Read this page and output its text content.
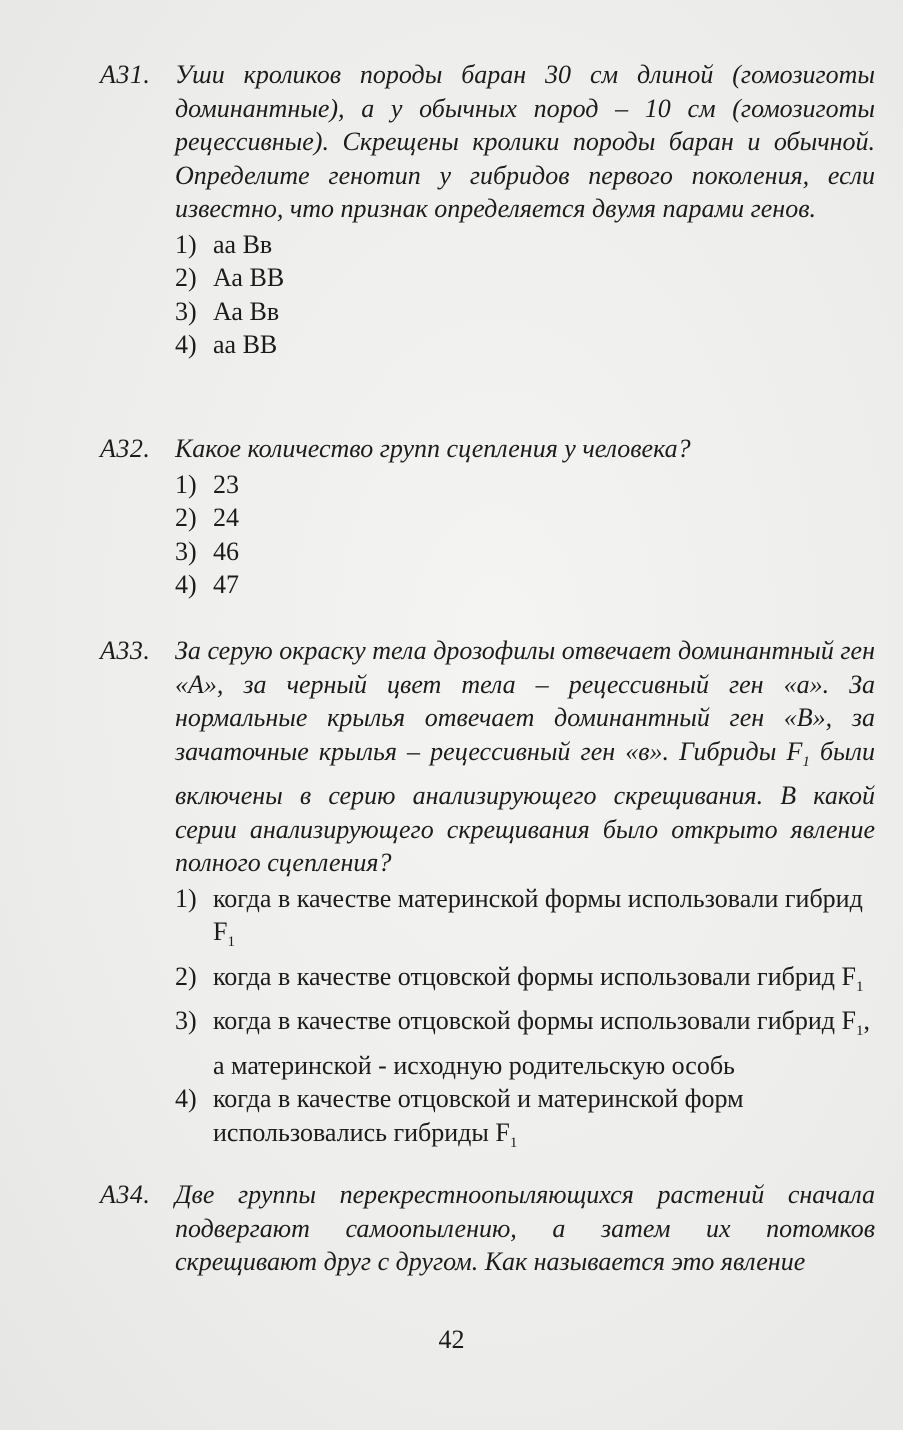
A31. Уши кроликов породы баран 30 см длиной (гомозиготы доминантные), а у обычных пород – 10 см (гомозиготы рецессивные). Скрещены кролики породы баран и обычной. Определите генотип у гибридов первого поколения, если известно, что признак определяется двумя парами генов.
1) аа Вв
2) Аа ВВ
3) Аа Вв
4) аа ВВ
A32. Какое количество групп сцепления у человека?
1) 23
2) 24
3) 46
4) 47
A33. За серую окраску тела дрозофилы отвечает доминантный ген «А», за черный цвет тела – рецессивный ген «а». За нормальные крылья отвечает доминантный ген «В», за зачаточные крылья – рецессивный ген «в». Гибриды $F_1$ были включены в серию анализирующего скрещивания. В какой серии анализирующего скрещивания было открыто явление полного сцепления?
1) когда в качестве материнской формы использовали гибрид $F_1$
2) когда в качестве отцовской формы использовали гибрид $F_1$
3) когда в качестве отцовской формы использовали гибрид $F_1$, а материнской - исходную родительскую особь
4) когда в качестве отцовской и материнской форм использовались гибриды $F_1$
A34. Две группы перекрестноопыляющихся растений сначала подвергают самоопылению, а затем их потомков скрещивают друг с другом. Как называется это явление
42
